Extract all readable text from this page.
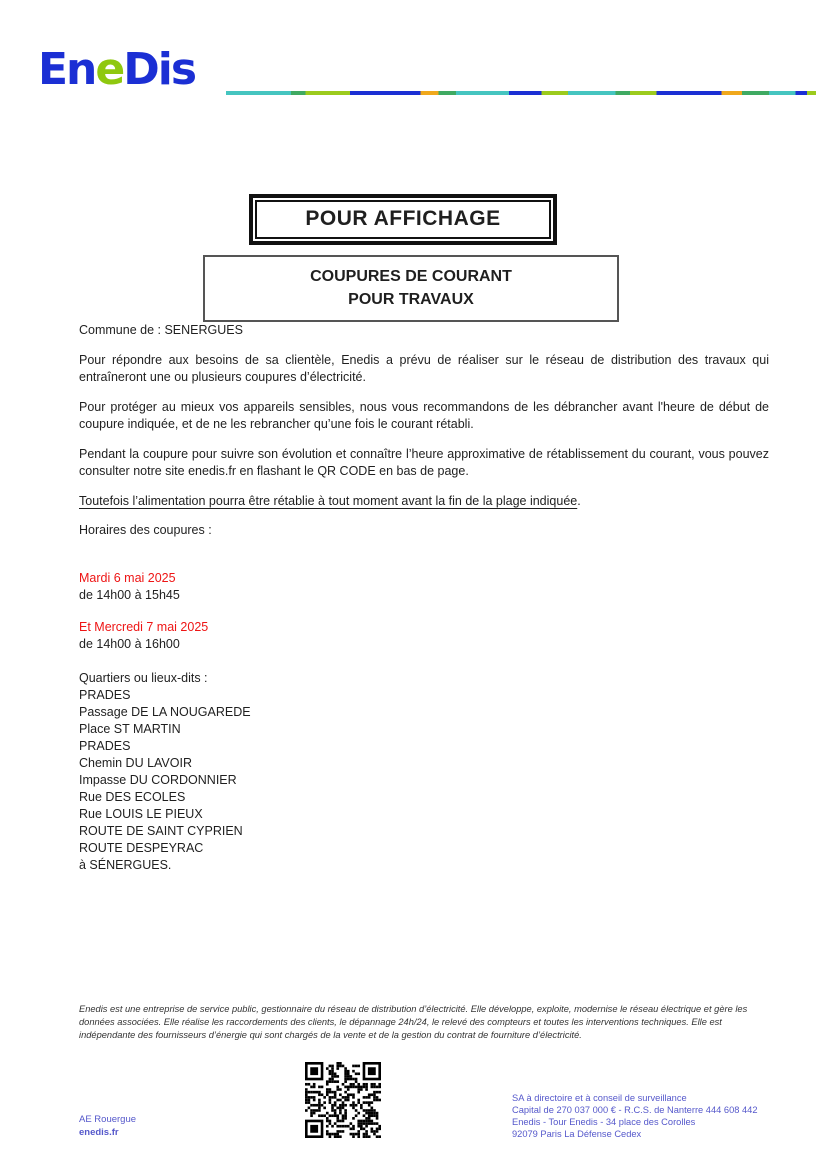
EneDis
POUR AFFICHAGE
COUPURES DE COURANT
POUR TRAVAUX

Commune de : SENERGUES

Pour répondre aux besoins de sa clientèle, Enedis a prévu de réaliser sur le réseau de distribution des travaux qui entraîneront une ou plusieurs coupures d’électricité.

Pour protéger au mieux vos appareils sensibles, nous vous recommandons de les débrancher avant l'heure de début de coupure indiquée, et de ne les rebrancher qu’une fois le courant rétabli.

Pendant la coupure pour suivre son évolution et connaître l’heure approximative de rétablissement du courant, vous pouvez consulter notre site enedis.fr en flashant le QR CODE en bas de page.

Toutefois l’alimentation pourra être rétablie à tout moment avant la fin de la plage indiquée.

Horaires des coupures :

Mardi 6 mai 2025
de 14h00 à 15h45
Et Mercredi 7 mai 2025
de 14h00 à 16h00
Quartiers ou lieux-dits :
PRADES
Passage DE LA NOUGAREDE
Place ST MARTIN
PRADES
Chemin DU LAVOIR
Impasse DU CORDONNIER
Rue DES ECOLES
Rue LOUIS LE PIEUX
ROUTE DE SAINT CYPRIEN
ROUTE DESPEYRAC
à SÉNERGUES.
Enedis est une entreprise de service public, gestionnaire du réseau de distribution d’électricité. Elle développe, exploite, modernise le réseau électrique et gère les données associées. Elle réalise les raccordements des clients, le dépannage 24h/24, le relevé des compteurs et toutes les interventions techniques. Elle est indépendante des fournisseurs d’énergie qui sont chargés de la vente et de la gestion du contrat de fourniture d’électricité.
AE Rouergue
enedis.fr
SA à directoire et à conseil de surveillance
Capital de 270 037 000 € - R.C.S. de Nanterre 444 608 442
Enedis - Tour Enedis - 34 place des Corolles
92079 Paris La Défense Cedex
